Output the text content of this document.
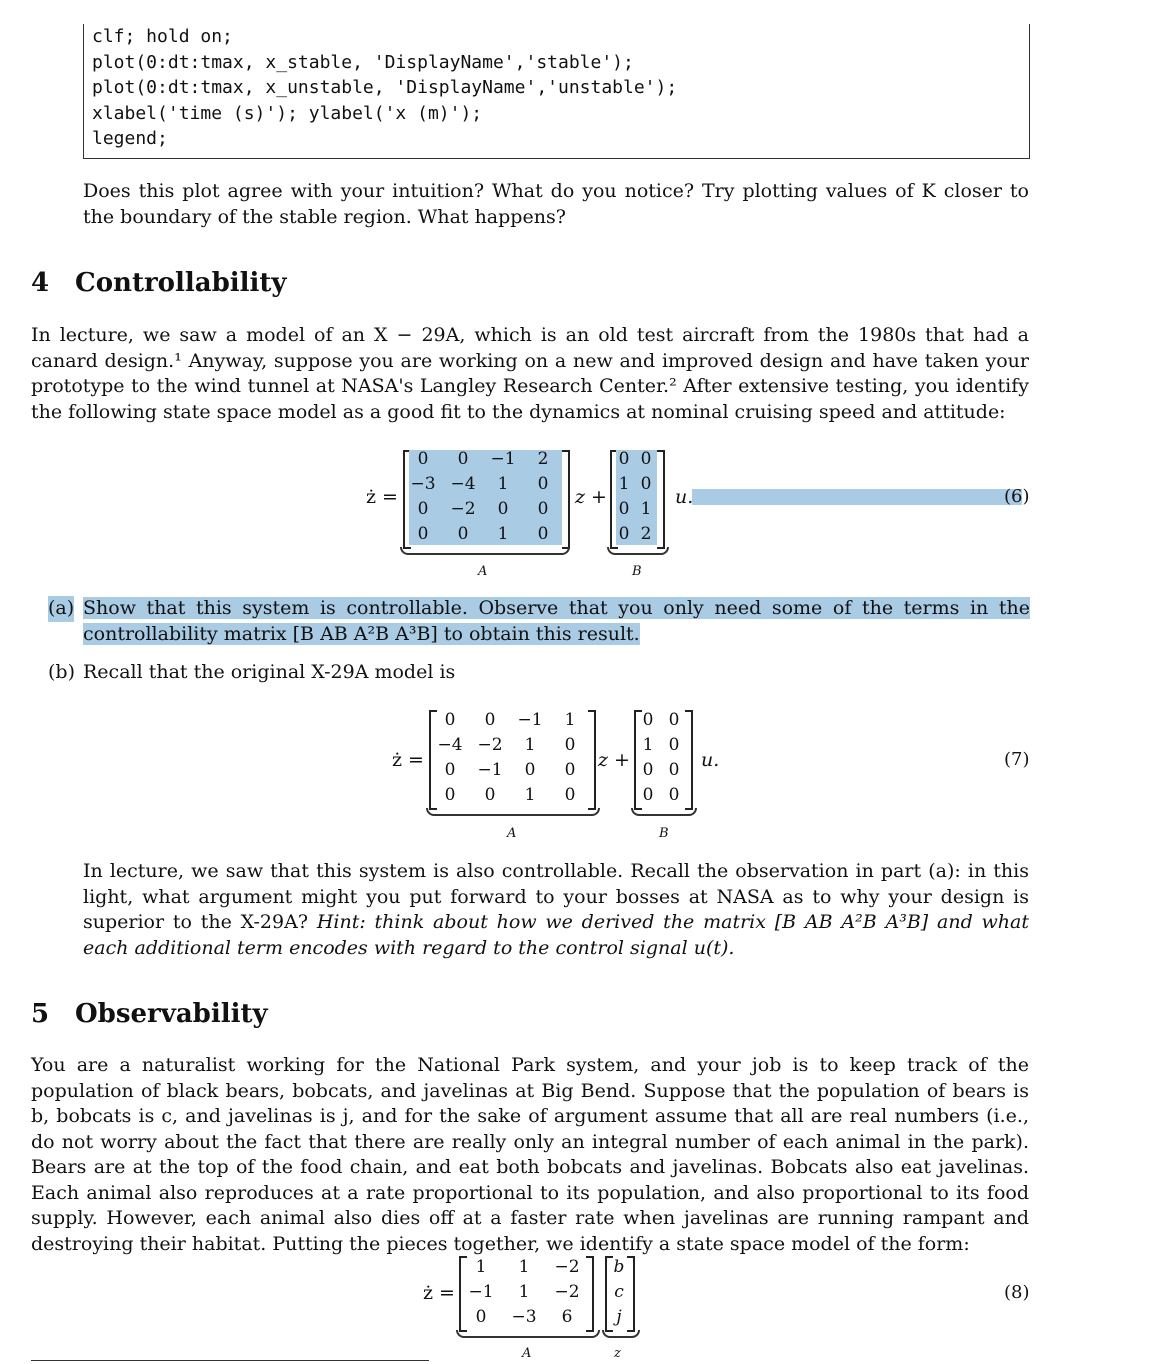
clf; hold on;
plot(0:dt:tmax, x_stable, 'DisplayName','stable');
plot(0:dt:tmax, x_unstable, 'DisplayName','unstable');
xlabel('time (s)'); ylabel('x (m)');
legend;
Does this plot agree with your intuition? What do you notice? Try plotting values of K closer to the boundary of the stable region. What happens?
4 Controllability
In lecture, we saw a model of an X − 29A, which is an old test aircraft from the 1980s that had a canard design.¹ Anyway, suppose you are working on a new and improved design and have taken your prototype to the wind tunnel at NASA's Langley Research Center.² After extensive testing, you identify the following state space model as a good fit to the dynamics at nominal cruising speed and attitude:
ż =
0	0	−1	2
−3 −4	1	0
0	−2	0	0
0	0	1	0
z +
0 0
1 0
0 1
0 2
u.
A	B
(6)
(a) Show that this system is controllable. Observe that you only need some of the terms in the controllability matrix [B AB A²B A³B] to obtain this result.
(b) Recall that the original X-29A model is
ż =
0	0	−1	1
−4 −2	1	0
0	−1	0	0
0	0	1	0
z +
0 0
1 0
0 0
0 0
u.
A	B
(7)
In lecture, we saw that this system is also controllable. Recall the observation in part (a): in this light, what argument might you put forward to your bosses at NASA as to why your design is superior to the X-29A? Hint: think about how we derived the matrix [B AB A²B A³B] and what each additional term encodes with regard to the control signal u(t).
5 Observability
You are a naturalist working for the National Park system, and your job is to keep track of the population of black bears, bobcats, and javelinas at Big Bend. Suppose that the population of bears is b, bobcats is c, and javelinas is j, and for the sake of argument assume that all are real numbers (i.e., do not worry about the fact that there are really only an integral number of each animal in the park). Bears are at the top of the food chain, and eat both bobcats and javelinas. Bobcats also eat javelinas. Each animal also reproduces at a rate proportional to its population, and also proportional to its food supply. However, each animal also dies off at a faster rate when javelinas are running rampant and destroying their habitat. Putting the pieces together, we identify a state space model of the form:
ż =
1	1	−2
−1	1	−2
0	−3	6
b
c
j
A	z
(8)
